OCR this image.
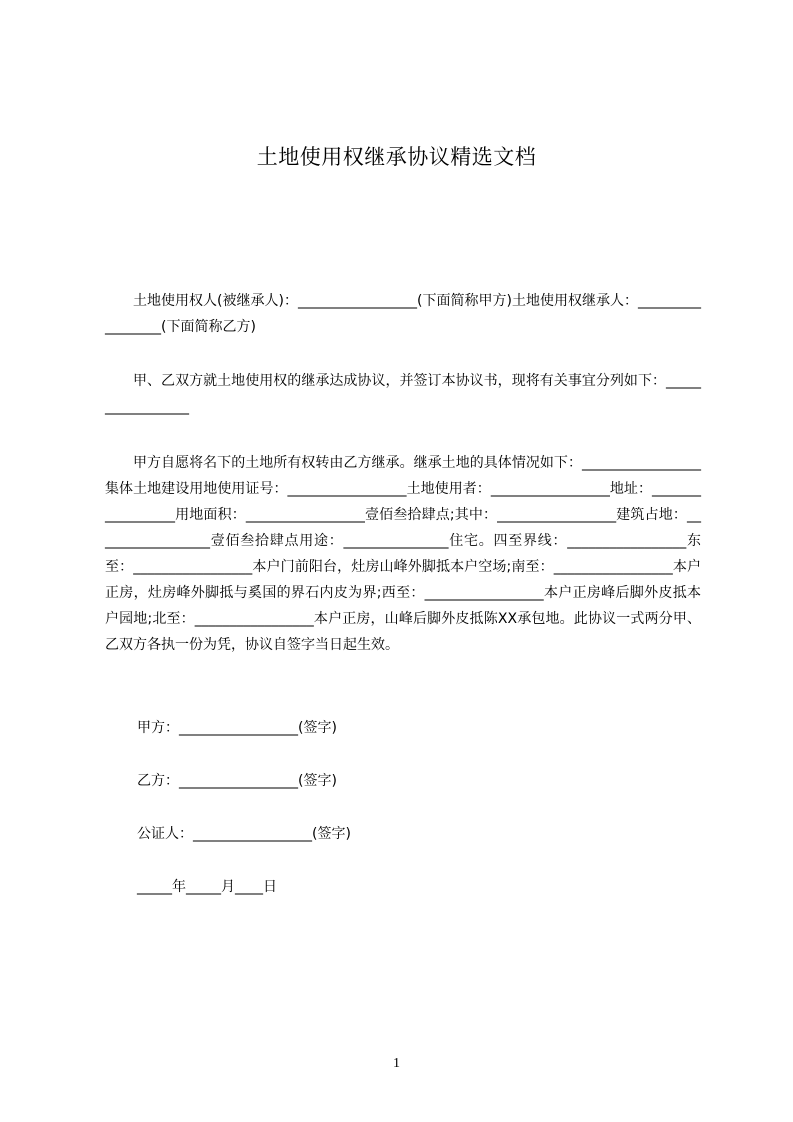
土地使用权继承协议精选文档

土地使用权人(被继承人)：_________________(下面简称甲方)土地使用权继承人：_________________(下面简称乙方)

甲、乙双方就土地使用权的继承达成协议，并签订本协议书，现将有关事宜分列如下：_________________

甲方自愿将名下的土地所有权转由乙方继承。继承土地的具体情况如下：_________________集体土地建设用地使用证号：_________________土地使用者：_________________地址：_________________用地面积：_________________壹佰叁拾肆点;其中：_________________建筑占地：_________________壹佰叁拾肆点用途：_______________住宅。四至界线：_________________东至：_________________本户门前阳台，灶房山峰外脚抵本户空场;南至：_________________本户正房，灶房峰外脚抵与奚国的界石内皮为界;西至：_________________本户正房峰后脚外皮抵本户园地;北至：_________________本户正房，山峰后脚外皮抵陈XX承包地。此协议一式两分甲、乙双方各执一份为凭，协议自签字当日起生效。

甲方：_________________(签字)
乙方：_________________(签字)
公证人：_________________(签字)
_____年_____月____日
1
